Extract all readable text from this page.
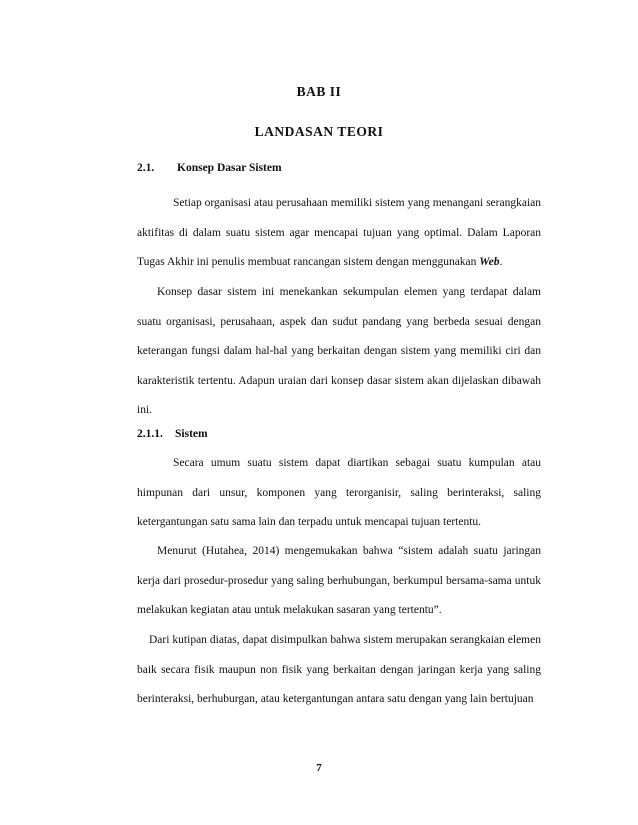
BAB II
LANDASAN TEORI
2.1. Konsep Dasar Sistem

Setiap organisasi atau perusahaan memiliki sistem yang menangani serangkaian aktifitas di dalam suatu sistem agar mencapai tujuan yang optimal. Dalam Laporan Tugas Akhir ini penulis membuat rancangan sistem dengan menggunakan Web.

Konsep dasar sistem ini menekankan sekumpulan elemen yang terdapat dalam suatu organisasi, perusahaan, aspek dan sudut pandang yang berbeda sesuai dengan keterangan fungsi dalam hal-hal yang berkaitan dengan sistem yang memiliki ciri dan karakteristik tertentu. Adapun uraian dari konsep dasar sistem akan dijelaskan dibawah ini.

2.1.1. Sistem

Secara umum suatu sistem dapat diartikan sebagai suatu kumpulan atau himpunan dari unsur, komponen yang terorganisir, saling berinteraksi, saling ketergantungan satu sama lain dan terpadu untuk mencapai tujuan tertentu.

Menurut (Hutahea, 2014) mengemukakan bahwa “sistem adalah suatu jaringan kerja dari prosedur-prosedur yang saling berhubungan, berkumpul bersama-sama untuk melakukan kegiatan atau untuk melakukan sasaran yang tertentu”.

Dari kutipan diatas, dapat disimpulkan bahwa sistem merupakan serangkaian elemen baik secara fisik maupun non fisik yang berkaitan dengan jaringan kerja yang saling berinteraksi, berhuburgan, atau ketergantungan antara satu dengan yang lain bertujuan

7
